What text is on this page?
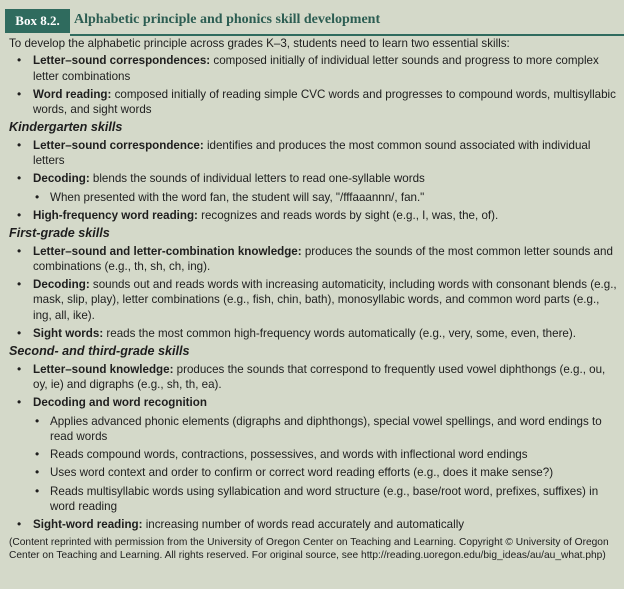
Box 8.2.	Alphabetic principle and phonics skill development

To develop the alphabetic principle across grades K–3, students need to learn two essential skills:

• Letter–sound correspondences: composed initially of individual letter sounds and progress to more complex letter combinations
• Word reading: composed initially of reading simple CVC words and progresses to compound words, multisyllabic words, and sight words

Kindergarten skills

• Letter–sound correspondence: identifies and produces the most common sound associated with individual letters
• Decoding: blends the sounds of individual letters to read one-syllable words
• When presented with the word fan, the student will say, "/fffaaannn/, fan."
• High-frequency word reading: recognizes and reads words by sight (e.g., I, was, the, of).

First-grade skills

• Letter–sound and letter-combination knowledge: produces the sounds of the most common letter sounds and combinations (e.g., th, sh, ch, ing).
• Decoding: sounds out and reads words with increasing automaticity, including words with consonant blends (e.g., mask, slip, play), letter combinations (e.g., fish, chin, bath), monosyllabic words, and common word parts (e.g., ing, all, ike).
• Sight words: reads the most common high-frequency words automatically (e.g., very, some, even, there).

Second- and third-grade skills

• Letter–sound knowledge: produces the sounds that correspond to frequently used vowel diphthongs (e.g., ou, oy, ie) and digraphs (e.g., sh, th, ea).
• Decoding and word recognition
• Applies advanced phonic elements (digraphs and diphthongs), special vowel spellings, and word endings to read words
• Reads compound words, contractions, possessives, and words with inflectional word endings
• Uses word context and order to confirm or correct word reading efforts (e.g., does it make sense?)
• Reads multisyllabic words using syllabication and word structure (e.g., base/root word, prefixes, suffixes) in word reading
• Sight-word reading: increasing number of words read accurately and automatically

(Content reprinted with permission from the University of Oregon Center on Teaching and Learning. Copyright © University of Oregon Center on Teaching and Learning. All rights reserved. For original source, see http://reading.uoregon.edu/big_ideas/au/au_what.php)
